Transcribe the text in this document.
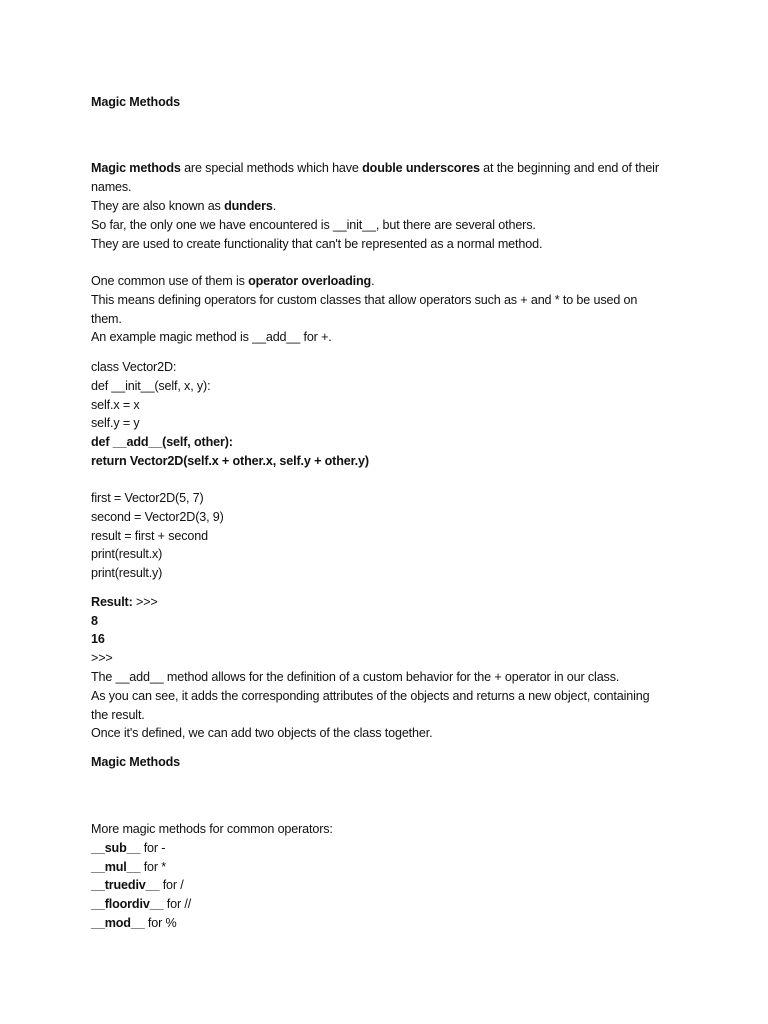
Magic Methods
Magic methods are special methods which have double underscores at the beginning and end of their
names.
They are also known as dunders.
So far, the only one we have encountered is __init__, but there are several others.
They are used to create functionality that can't be represented as a normal method.
One common use of them is operator overloading.
This means defining operators for custom classes that allow operators such as + and * to be used on
them.
An example magic method is __add__ for +.
class Vector2D:
def __init__(self, x, y):
self.x = x
self.y = y
def __add__(self, other):
return Vector2D(self.x + other.x, self.y + other.y)
first = Vector2D(5, 7)
second = Vector2D(3, 9)
result = first + second
print(result.x)
print(result.y)
Result: >>>
8
16
>>>
The __add__ method allows for the definition of a custom behavior for the + operator in our class.
As you can see, it adds the corresponding attributes of the objects and returns a new object, containing
the result.
Once it's defined, we can add two objects of the class together.
Magic Methods
More magic methods for common operators:
__sub__ for -
__mul__ for *
__truediv__ for /
__floordiv__ for //
__mod__ for %
